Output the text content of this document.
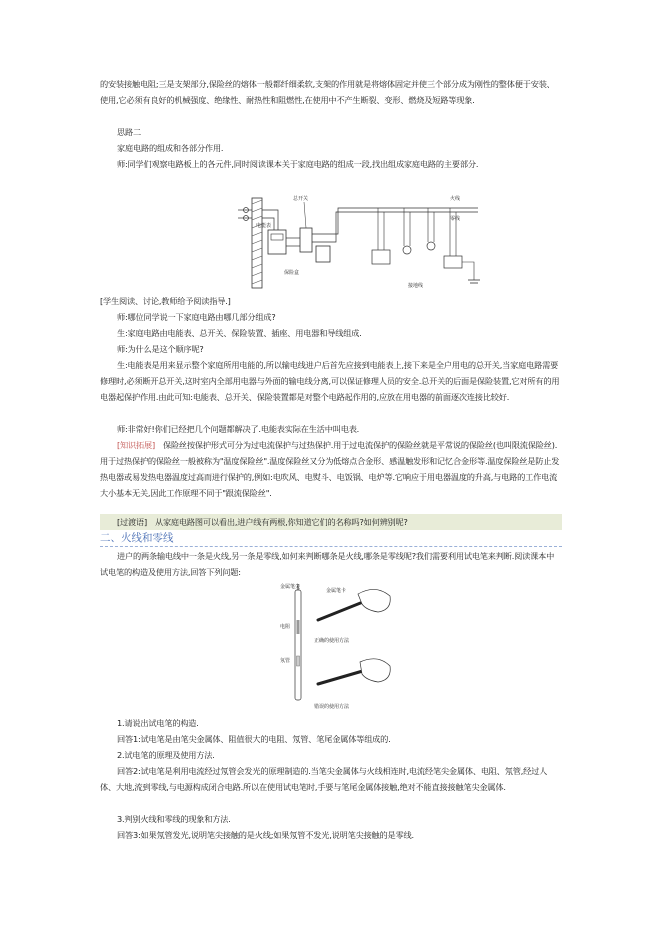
的安装接触电阻;三是支架部分,保险丝的熔体一般都纤细柔软,支架的作用就是将熔体固定并使三个部分成为刚性的整体便于安装、使用,它必须有良好的机械强度、绝缘性、耐热性和阻燃性,在使用中不产生断裂、变形、燃烧及短路等现象.

思路二

家庭电路的组成和各部分作用.

师:同学们观察电路板上的各元件,同时阅读课本关于家庭电路的组成一段,找出组成家庭电路的主要部分.

电能表
总开关
保险盒
火线
零线
接地线

[学生阅读、讨论,教师给予阅读指导.]

师:哪位同学说一下家庭电路由哪几部分组成?

生:家庭电路由电能表、总开关、保险装置、插座、用电器和导线组成.

师:为什么是这个顺序呢?

生:电能表是用来显示整个家庭所用电能的,所以输电线进户后首先应接到电能表上,接下来是全户用电的总开关,当家庭电路需要修理时,必须断开总开关,这时室内全部用电器与外面的输电线分离,可以保证修理人员的安全.总开关的后面是保险装置,它对所有的用电器起保护作用.由此可知:电能表、总开关、保险装置都是对整个电路起作用的,应放在用电器的前面逐次连接比较好.

师:非常好!你们已经把几个问题都解决了.电能表实际在生活中叫电表.

[知识拓展]  保险丝按保护形式可分为过电流保护与过热保护.用于过电流保护的保险丝就是平常说的保险丝(也叫限流保险丝).用于过热保护的保险丝一般被称为"温度保险丝".温度保险丝又分为低熔点合金形、感温触发形和记忆合金形等.温度保险丝是防止发热电器或易发热电器温度过高而进行保护的,例如:电吹风、电熨斗、电饭锅、电炉等.它响应于用电器温度的升高,与电路的工作电流大小基本无关,因此工作原理不同于"跟流保险丝".

[过渡语]  从家庭电路图可以看出,进户线有两根,你知道它们的名称吗?如何辨别呢?

二、火线和零线

进户的两条输电线中一条是火线,另一条是零线,如何来判断哪条是火线,哪条是零线呢?我们需要利用试电笔来判断.阅读课本中试电笔的构造及使用方法,回答下列问题:

金属笔尖
金属笔卡
电阻
氖管
正确的使用方法
错误的使用方法

1.请说出试电笔的构造.

回答1:试电笔是由笔尖金属体、阻值很大的电阻、氖管、笔尾金属体等组成的.

2.试电笔的原理及使用方法.

回答2:试电笔是利用电流经过氖管会发光的原理制造的.当笔尖金属体与火线相连时,电流经笔尖金属体、电阻、氖管,经过人体、大地,流到零线,与电源构成闭合电路.所以在使用试电笔时,手要与笔尾金属体接触,绝对不能直接接触笔尖金属体.

3.判别火线和零线的现象和方法.

回答3:如果氖管发光,说明笔尖接触的是火线;如果氖管不发光,说明笔尖接触的是零线.
